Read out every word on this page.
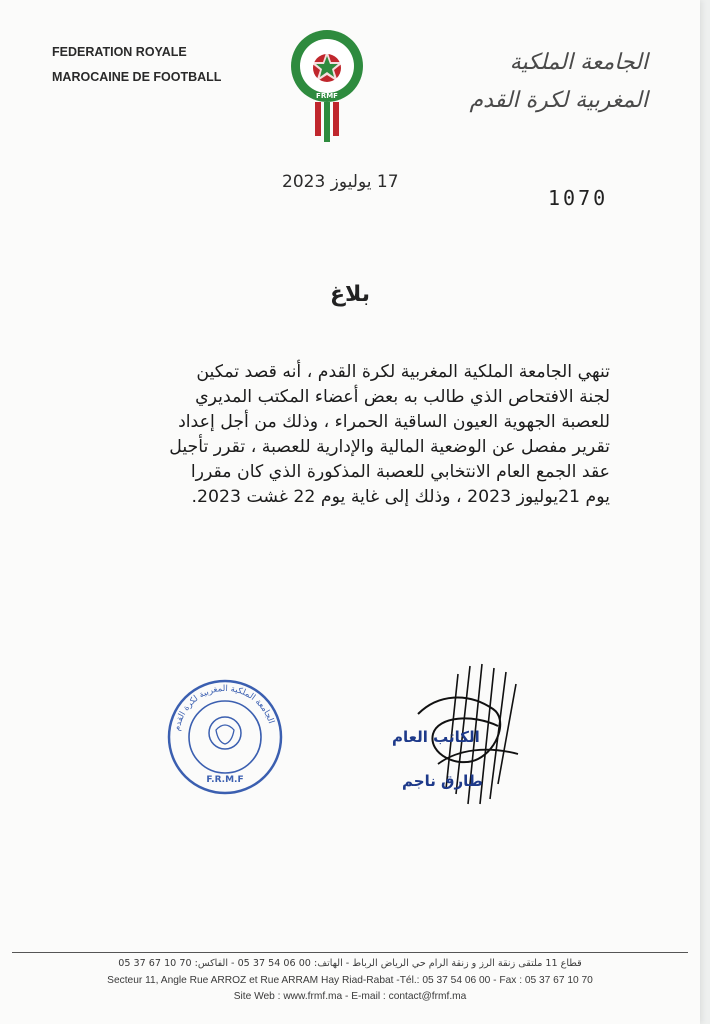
FEDERATION ROYALE
MAROCAINE DE FOOTBALL
FRMF
الجامعة الملكية
المغربية لكرة القدم
17 يوليوز 2023
1070
بلاغ
تنهي الجامعة الملكية المغربية لكرة القدم ، أنه قصد تمكين
لجنة الافتحاص الذي طالب به بعض أعضاء المكتب المديري
للعصبة الجهوية العيون الساقية الحمراء ، وذلك من أجل إعداد
تقرير مفصل عن الوضعية المالية والإدارية للعصبة ، تقرر تأجيل
عقد الجمع العام الانتخابي للعصبة المذكورة الذي كان مقررا
يوم 21يوليوز 2023 ، وذلك إلى غاية يوم 22 غشت 2023.
الجامعة الملكية المغربية لكرة القدم
F.R.M.F
الكاتب العام
طارق ناجم
قطاع 11 ملتقى زنقة الرز و زنقة الرام حي الرياض الرباط - الهاتف: 00 06 54 37 05 - الفاكس: 70 10 67 37 05
Secteur 11, Angle Rue ARROZ et Rue ARRAM Hay Riad-Rabat -Tél.: 05 37 54 06 00 - Fax : 05 37 67 10 70
Site Web : www.frmf.ma - E-mail : contact@frmf.ma
